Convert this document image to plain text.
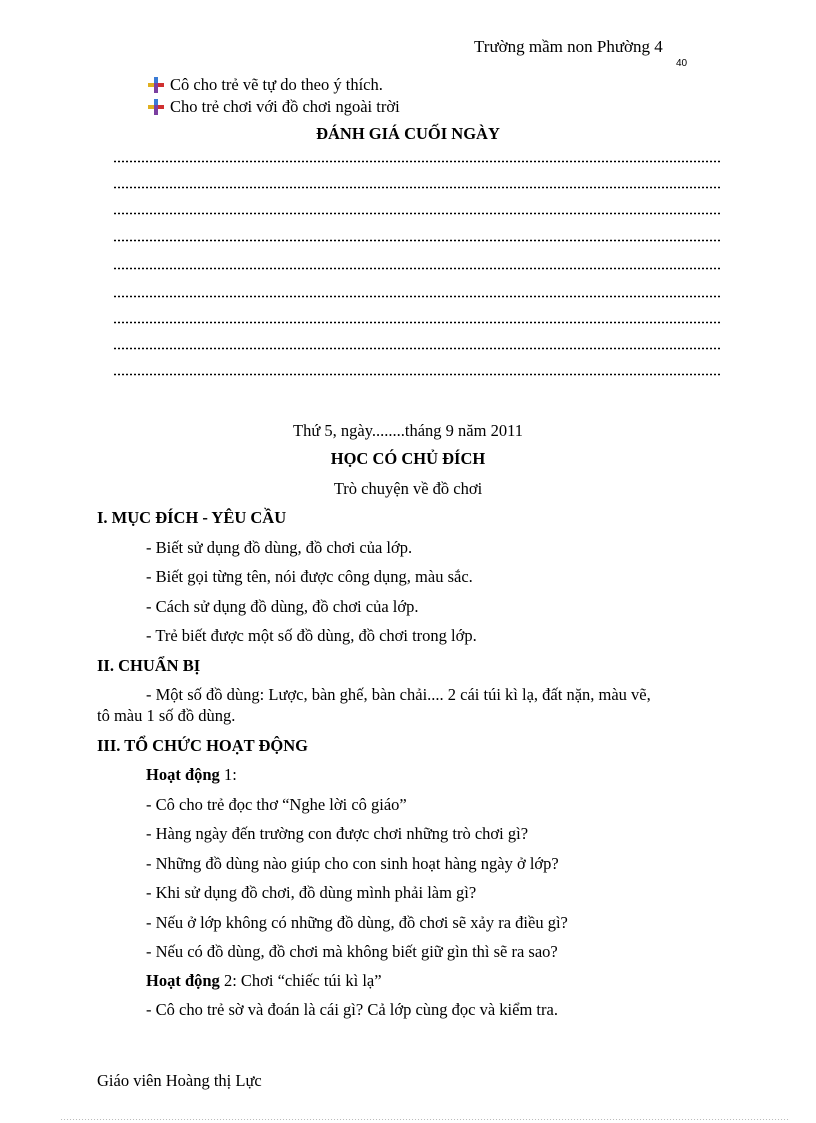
Trường mầm non Phường 4
40
Cô cho trẻ vẽ tự do theo ý thích.
Cho trẻ chơi với đồ chơi ngoài trời
ĐÁNH GIÁ CUỐI NGÀY
Thứ 5, ngày........tháng 9 năm 2011
HỌC CÓ CHỦ ĐÍCH
Trò chuyện về đồ chơi
I. MỤC ĐÍCH - YÊU CẦU
- Biết sử dụng đồ dùng, đồ chơi của lớp.
- Biết gọi từng tên, nói được công dụng, màu sắc.
- Cách sử dụng đồ dùng, đồ chơi của lớp.
- Trẻ biết được một số đồ dùng, đồ chơi trong lớp.
II. CHUẨN BỊ
- Một số đồ dùng: Lược, bàn ghế, bàn chải.... 2 cái túi kì lạ, đất nặn, màu vẽ,
tô màu 1 số đồ dùng.
III. TỔ CHỨC HOẠT ĐỘNG
Hoạt động 1:
- Cô cho trẻ đọc thơ “Nghe lời cô giáo”
- Hàng ngày đến trường con được chơi những trò chơi gì?
- Những đồ dùng nào giúp cho con sinh hoạt hàng ngày ở lớp?
- Khi sử dụng đồ chơi, đồ dùng mình phải làm gì?
- Nếu ở lớp không có những đồ dùng, đồ chơi sẽ xảy ra điều gì?
- Nếu có đồ dùng, đồ chơi mà không biết giữ gìn thì sẽ ra sao?
Hoạt động 2: Chơi “chiếc túi kì lạ”
- Cô cho trẻ sờ và đoán là cái gì? Cả lớp cùng đọc và kiểm tra.
Giáo viên Hoàng thị Lực
